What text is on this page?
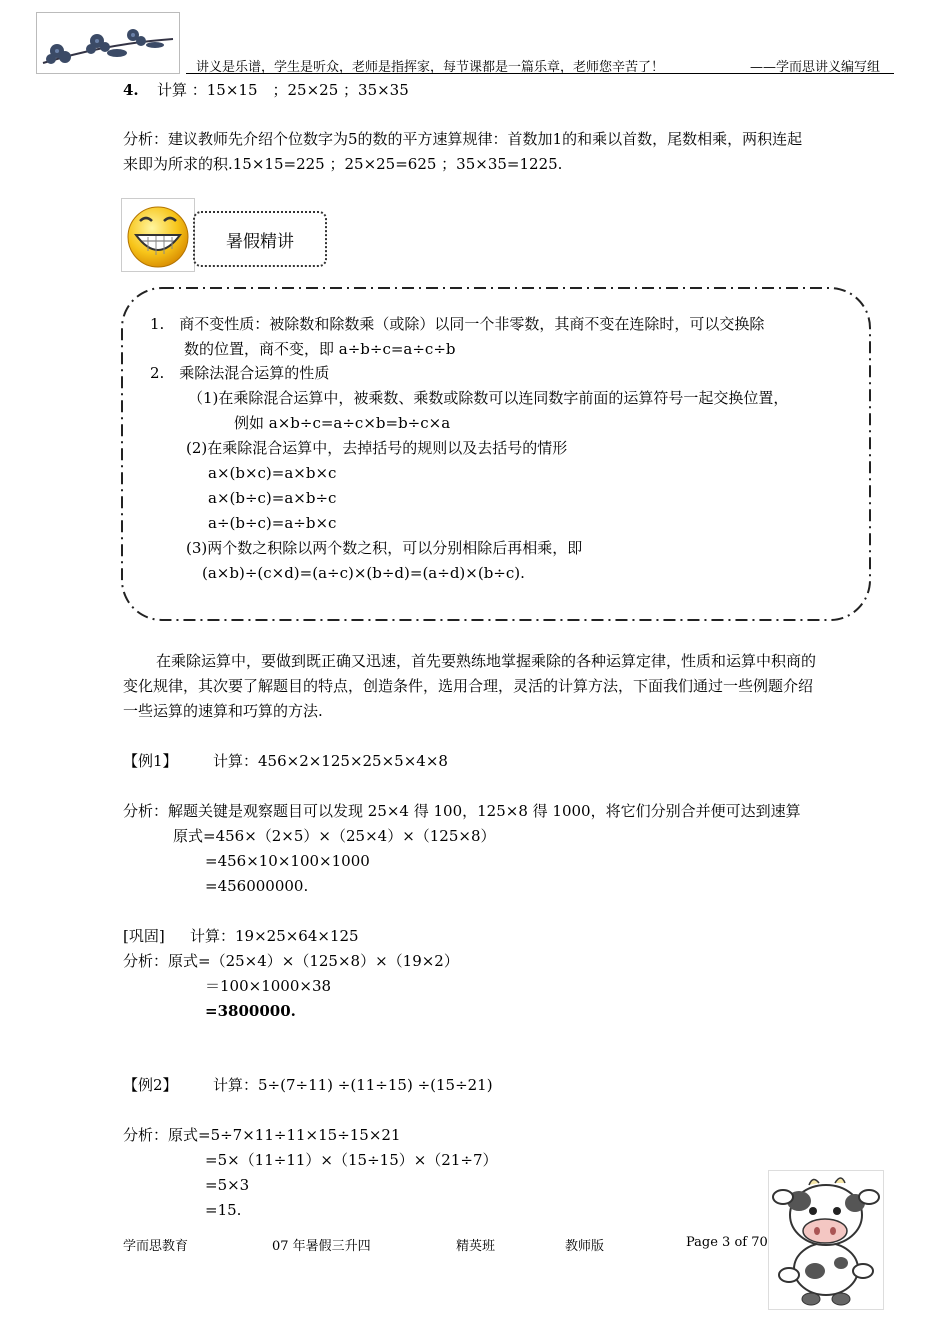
讲义是乐谱，学生是听众，老师是指挥家，每节课都是一篇乐章，老师您辛苦了！	——学而思讲义编写组
4. 计算 ：15×15　；25×25 ；35×35
分析：建议教师先介绍个位数字为5的数的平方速算规律：首数加1的和乘以首数，尾数相乘，两积连起
来即为所求的积.15×15=225 ；25×25=625 ；35×35=1225.
暑假精讲
1.　商不变性质：被除数和除数乘（或除）以同一个非零数，其商不变在连除时，可以交换除
数的位置，商不变，即 a÷b÷c=a÷c÷b
2.　乘除法混合运算的性质
（1)在乘除混合运算中，被乘数、乘数或除数可以连同数字前面的运算符号一起交换位置，
例如 a×b÷c=a÷c×b=b÷c×a
(2)在乘除混合运算中，去掉括号的规则以及去括号的情形
a×(b×c)=a×b×c
a×(b÷c)=a×b÷c
a÷(b÷c)=a÷b×c
(3)两个数之积除以两个数之积，可以分别相除后再相乘，即
(a×b)÷(c×d)=(a÷c)×(b÷d)=(a÷d)×(b÷c).
在乘除运算中，要做到既正确又迅速，首先要熟练地掌握乘除的各种运算定律，性质和运算中积商的
变化规律，其次要了解题目的特点，创造条件，选用合理，灵活的计算方法，下面我们通过一些例题介绍
一些运算的速算和巧算的方法.
【例1】 计算：456×2×125×25×5×4×8
分析：解题关键是观察题目可以发现 25×4 得 100，125×8 得 1000，将它们分别合并便可达到速算
原式=456×（2×5）×（25×4）×（125×8）
=456×10×100×1000
=456000000.
[巩固] 计算：19×25×64×125
分析：原式=（25×4）×（125×8）×（19×2）
＝100×1000×38
=3800000.
【例2】 计算：5÷(7÷11) ÷(11÷15) ÷(15÷21)
分析：原式=5÷7×11÷11×15÷15×21
=5×（11÷11）×（15÷15）×（21÷7）
=5×3
=15.
学而思教育	07 年暑假三升四	精英班	教师版	Page 3 of 70
